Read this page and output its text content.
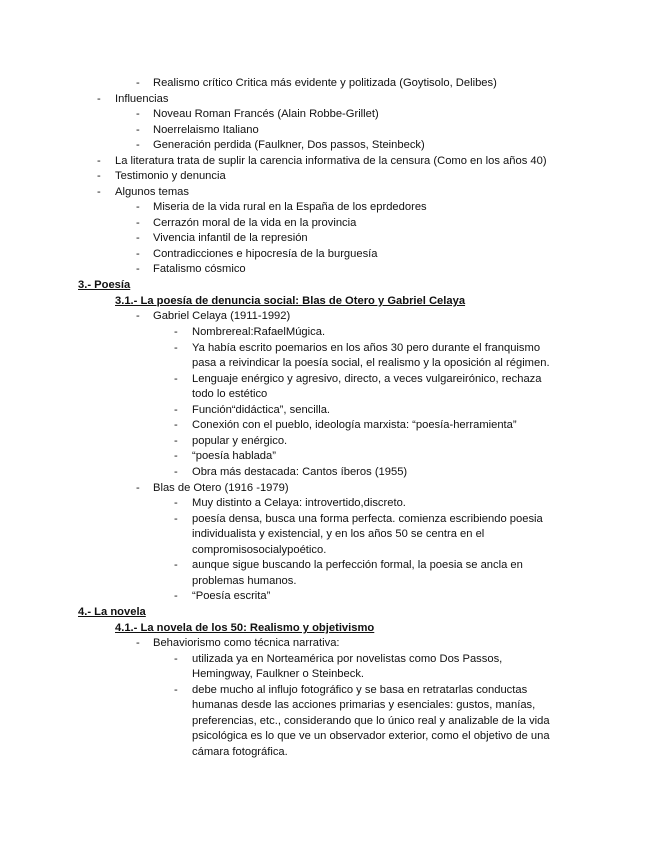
- Realismo crítico Critica más evidente y politizada (Goytisolo, Delibes)
- Influencias
- Noveau Roman Francés (Alain Robbe-Grillet)
- Noerrelaismo Italiano
- Generación perdida (Faulkner, Dos passos, Steinbeck)
- La literatura trata de suplir la carencia informativa de la censura (Como en los años 40)
- Testimonio y denuncia
- Algunos temas
- Miseria de la vida rural en la España de los eprdedores
- Cerrazón moral de la vida en la provincia
- Vivencia infantil de la represión
- Contradicciones e hipocresía de la burguesía
- Fatalismo cósmico
3.- Poesía
3.1.- La poesía de denuncia social: Blas de Otero y Gabriel Celaya
- Gabriel Celaya (1911-1992)
- Nombrereal:RafaelMúgica.
- Ya había escrito poemarios en los años 30 pero durante el franquismo
pasa a reivindicar la poesía social, el realismo y la oposición al régimen.
- Lenguaje enérgico y agresivo, directo, a veces vulgareirónico, rechaza
todo lo estético
- Función“didáctica”, sencilla.
- Conexión con el pueblo, ideología marxista: “poesía-herramienta”
- popular y enérgico.
- “poesía hablada”
- Obra más destacada: Cantos íberos (1955)
- Blas de Otero (1916 -1979)
- Muy distinto a Celaya: introvertido,discreto.
- poesía densa, busca una forma perfecta. comienza escribiendo poesia
individualista y existencial, y en los años 50 se centra en el
compromisosocialypoético.
- aunque sigue buscando la perfección formal, la poesia se ancla en
problemas humanos.
- “Poesía escrita”
4.- La novela
4.1.- La novela de los 50: Realismo y objetivismo
- Behaviorismo como técnica narrativa:
- utilizada ya en Norteamérica por novelistas como Dos Passos,
Hemingway, Faulkner o Steinbeck.
- debe mucho al influjo fotográfico y se basa en retratarlas conductas
humanas desde las acciones primarias y esenciales: gustos, manías,
preferencias, etc., considerando que lo único real y analizable de la vida
psicológica es lo que ve un observador exterior, como el objetivo de una
cámara fotográfica.
